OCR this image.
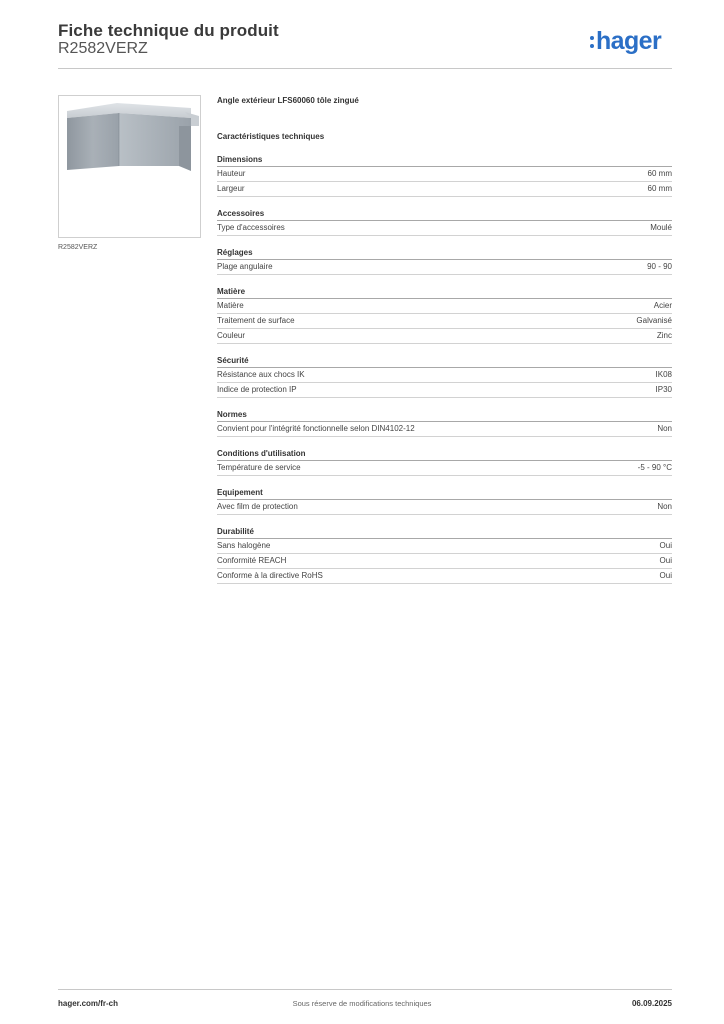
Fiche technique du produit
R2582VERZ	hager
R2582VERZ
Angle extérieur LFS60060 tôle zingué
Caractéristiques techniques
Dimensions
Hauteur	60 mm
Largeur	60 mm
Accessoires
Type d'accessoires	Moulé
Réglages
Plage angulaire	90 - 90
Matière
Matière	Acier
Traitement de surface	Galvanisé
Couleur	Zinc
Sécurité
Résistance aux chocs IK	IK08
Indice de protection IP	IP30
Normes
Convient pour l'intégrité fonctionnelle selon DIN4102-12	Non
Conditions d'utilisation
Température de service	-5 - 90 °C
Equipement
Avec film de protection	Non
Durabilité
Sans halogène	Oui
Conformité REACH	Oui
Conforme à la directive RoHS	Oui
hager.com/fr-ch	Sous réserve de modifications techniques	06.09.2025
